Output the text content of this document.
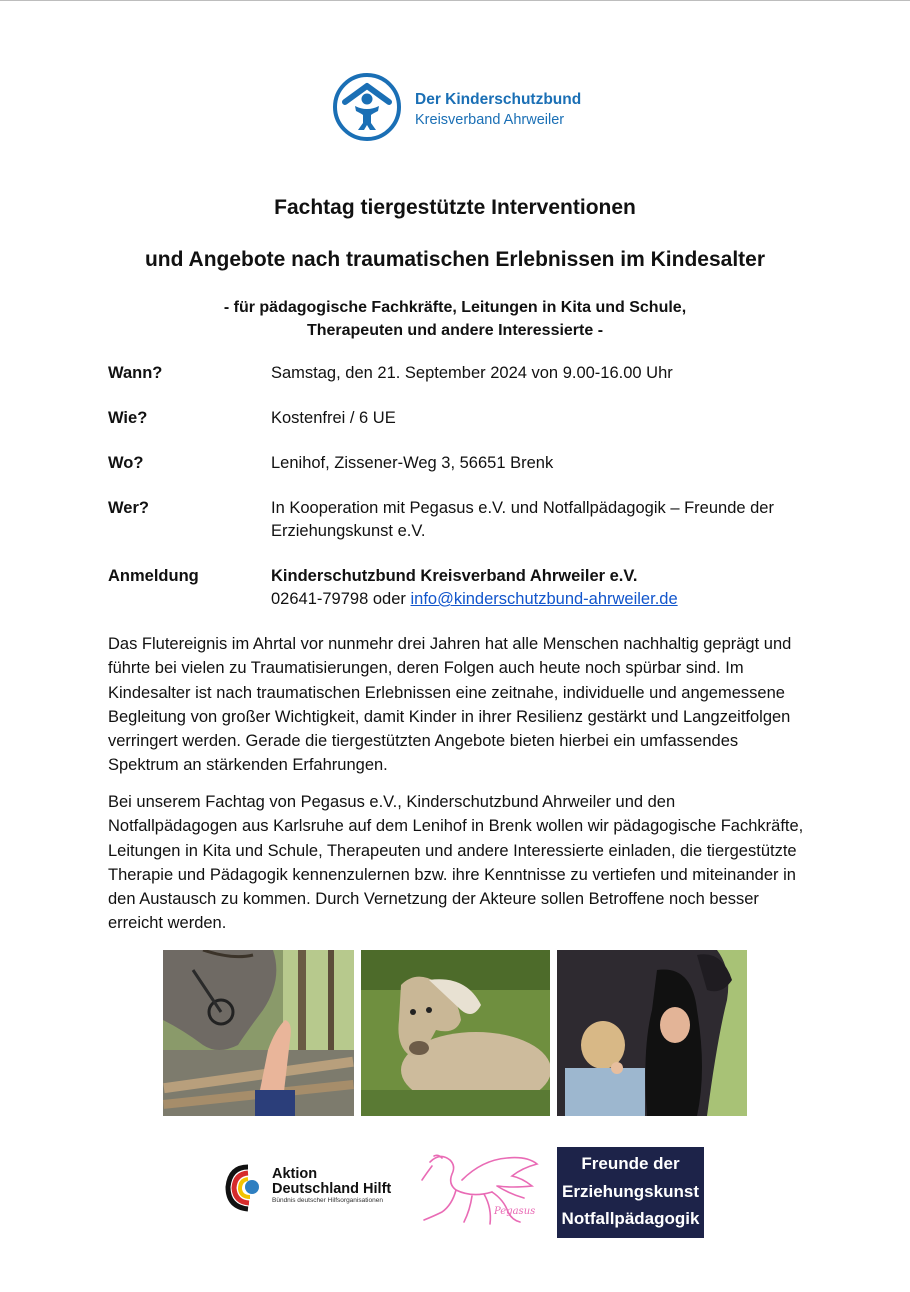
Der Kinderschutzbund
Kreisverband Ahrweiler
Fachtag tiergestützte Interventionen
und Angebote nach traumatischen Erlebnissen im Kindesalter
- für pädagogische Fachkräfte, Leitungen in Kita und Schule,
Therapeuten und andere Interessierte -
Wann?	Samstag, den 21. September 2024 von 9.00-16.00 Uhr
Wie?	Kostenfrei / 6 UE
Wo?	Lenihof, Zissener-Weg 3, 56651 Brenk
Wer?	In Kooperation mit Pegasus e.V. und Notfallpädagogik – Freunde der Erziehungskunst e.V.
Anmeldung	Kinderschutzbund Kreisverband Ahrweiler e.V.
02641-79798 oder info@kinderschutzbund-ahrweiler.de

Das Flutereignis im Ahrtal vor nunmehr drei Jahren hat alle Menschen nachhaltig geprägt und führte bei vielen zu Traumatisierungen, deren Folgen auch heute noch spürbar sind. Im Kindesalter ist nach traumatischen Erlebnissen eine zeitnahe, individuelle und angemessene Begleitung von großer Wichtigkeit, damit Kinder in ihrer Resilienz gestärkt und Langzeitfolgen verringert werden. Gerade die tiergestützten Angebote bieten hierbei ein umfassendes Spektrum an stärkenden Erfahrungen.

Bei unserem Fachtag von Pegasus e.V., Kinderschutzbund Ahrweiler und den Notfallpädagogen aus Karlsruhe auf dem Lenihof in Brenk wollen wir pädagogische Fachkräfte, Leitungen in Kita und Schule, Therapeuten und andere Interessierte einladen, die tiergestützte Therapie und Pädagogik kennenzulernen bzw. ihre Kenntnisse zu vertiefen und miteinander in den Austausch zu kommen. Durch Vernetzung der Akteure sollen Betroffene noch besser erreicht werden.

Aktion
Deutschland Hilft
Bündnis deutscher Hilfsorganisationen
Pegasus
Freunde der
Erziehungskunst
Notfallpädagogik
